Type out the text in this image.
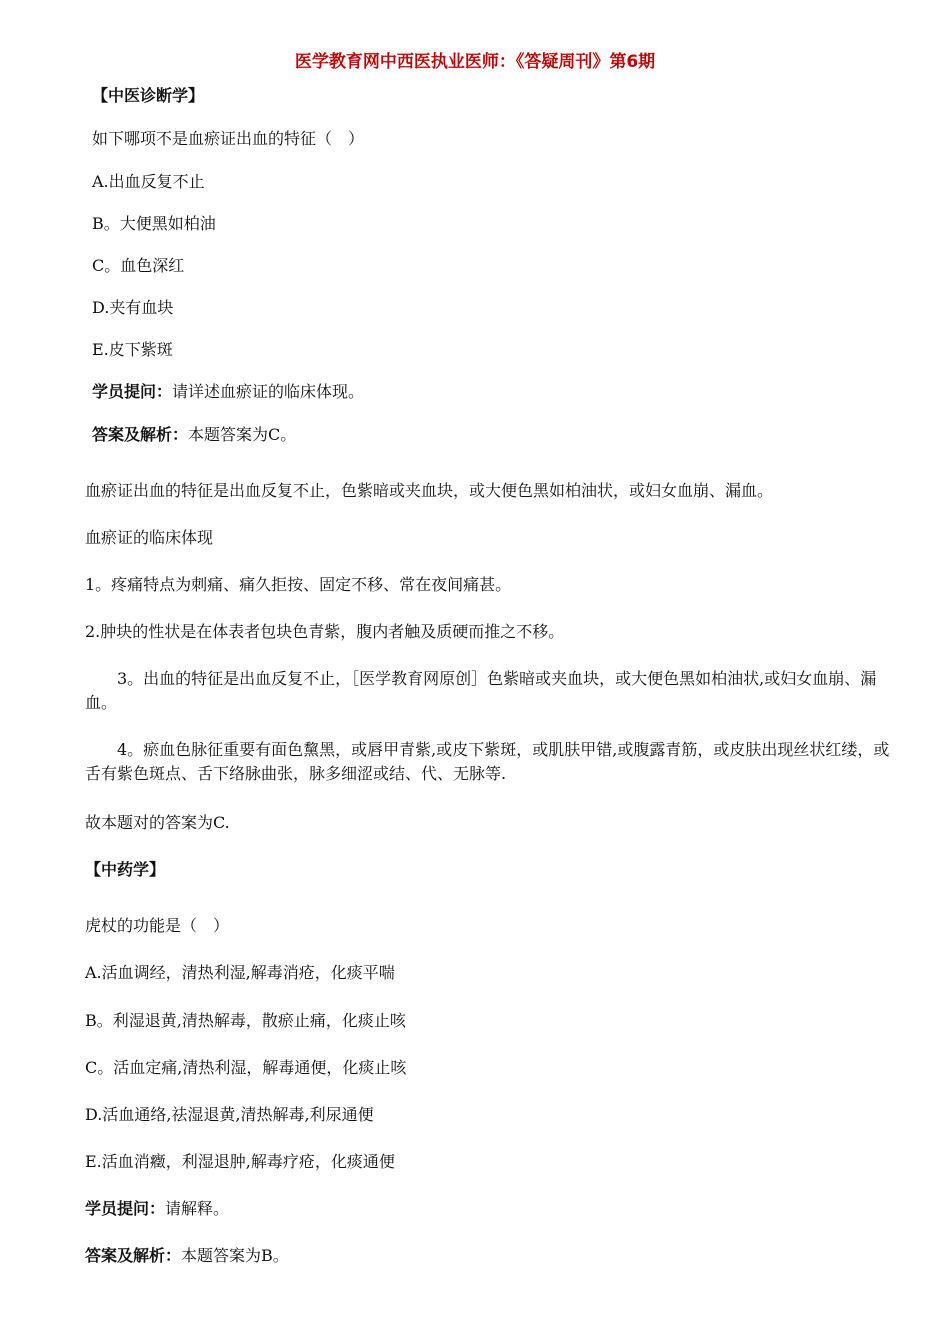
医学教育网中西医执业医师：《答疑周刊》第6期
【中医诊断学】
如下哪项不是血瘀证出血的特征（　）
A.出血反复不止
B。大便黑如柏油
C。血色深红
D.夹有血块
E.皮下紫斑
学员提问：请详述血瘀证的临床体现。
答案及解析：本题答案为C。
血瘀证出血的特征是出血反复不止，色紫暗或夹血块，或大便色黑如柏油状，或妇女血崩、漏血。
血瘀证的临床体现
1。疼痛特点为刺痛、痛久拒按、固定不移、常在夜间痛甚。
2.肿块的性状是在体表者包块色青紫，腹内者触及质硬而推之不移。
3。出血的特征是出血反复不止，［医学教育网原创］色紫暗或夹血块，或大便色黑如柏油状,或妇女血崩、漏血。
4。瘀血色脉征重要有面色黧黑，或唇甲青紫,或皮下紫斑，或肌肤甲错,或腹露青筋，或皮肤出现丝状红缕，或舌有紫色斑点、舌下络脉曲张，脉多细涩或结、代、无脉等.
故本题对的答案为C.
【中药学】
虎杖的功能是（　）
A.活血调经，清热利湿,解毒消疮，化痰平喘
B。利湿退黄,清热解毒，散瘀止痛，化痰止咳
C。活血定痛,清热利湿，解毒通便，化痰止咳
D.活血通络,祛湿退黄,清热解毒,利尿通便
E.活血消癥，利湿退肿,解毒疗疮，化痰通便
学员提问：请解释。
答案及解析：本题答案为B。
